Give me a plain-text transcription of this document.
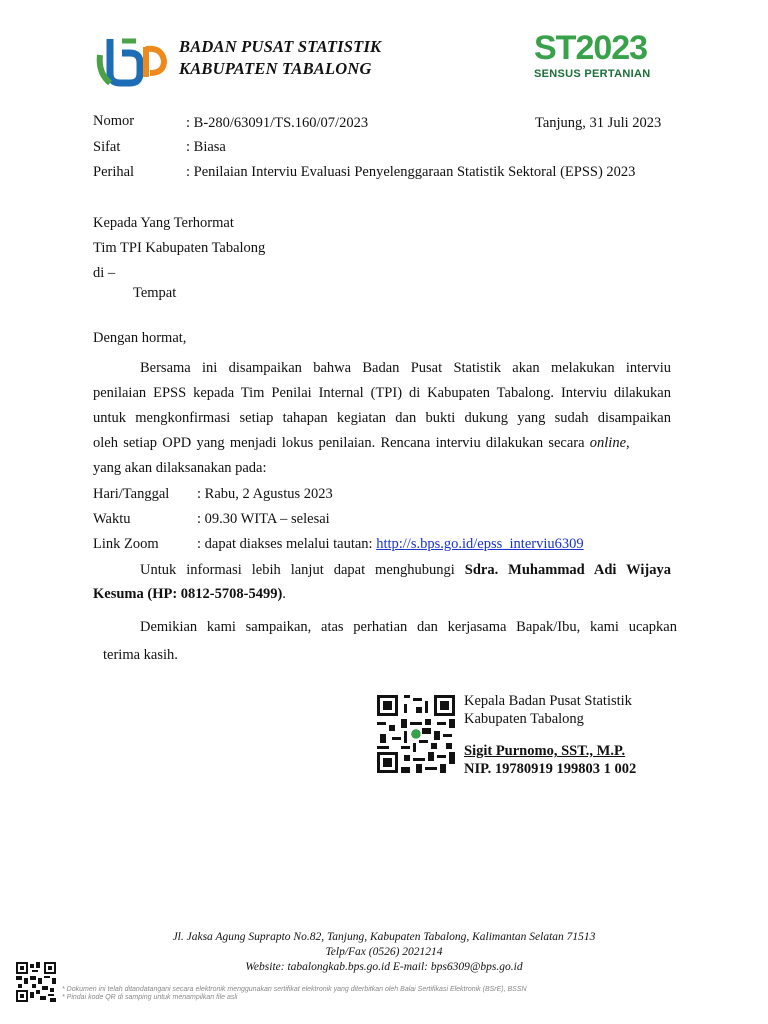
BADAN PUSAT STATISTIK
KABUPATEN TABALONG
ST2023
SENSUS PERTANIAN
Nomor	: B-280/63091/TS.160/07/2023	Tanjung, 31 Juli 2023
Sifat	: Biasa
Perihal	: Penilaian Interviu Evaluasi Penyelenggaraan Statistik Sektoral (EPSS) 2023
Kepada Yang Terhormat
Tim TPI Kabupaten Tabalong
di –
Tempat
Dengan hormat,
Bersama ini disampaikan bahwa Badan Pusat Statistik akan melakukan interviu
penilaian EPSS kepada Tim Penilai Internal (TPI) di Kabupaten Tabalong. Interviu dilakukan
untuk mengkonfirmasi setiap tahapan kegiatan dan bukti dukung yang sudah disampaikan
oleh setiap OPD yang menjadi lokus penilaian. Rencana interviu dilakukan secara online,
yang akan dilaksanakan pada:
Hari/Tanggal : Rabu, 2 Agustus 2023
Waktu	: 09.30 WITA – selesai
Link Zoom	: dapat diakses melalui tautan: http://s.bps.go.id/epss_interviu6309
Untuk informasi lebih lanjut dapat menghubungi Sdra. Muhammad Adi Wijaya
Kesuma (HP: 0812-5708-5499).
Demikian kami sampaikan, atas perhatian dan kerjasama Bapak/Ibu, kami ucapkan
terima kasih.
Kepala Badan Pusat Statistik
Kabupaten Tabalong
Sigit Purnomo, SST., M.P.
NIP. 19780919 199803 1 002
Jl. Jaksa Agung Suprapto No.82, Tanjung, Kabupaten Tabalong, Kalimantan Selatan 71513
Telp/Fax (0526) 2021214
Website: tabalongkab.bps.go.id E-mail: bps6309@bps.go.id
* Dokumen ini telah ditandatangani secara elektronik menggunakan sertifikat elektronik yang diterbitkan oleh Balai Sertifikasi Elektronik (BSrE), BSSN
* Pindai kode QR di samping untuk menampilkan file asli
